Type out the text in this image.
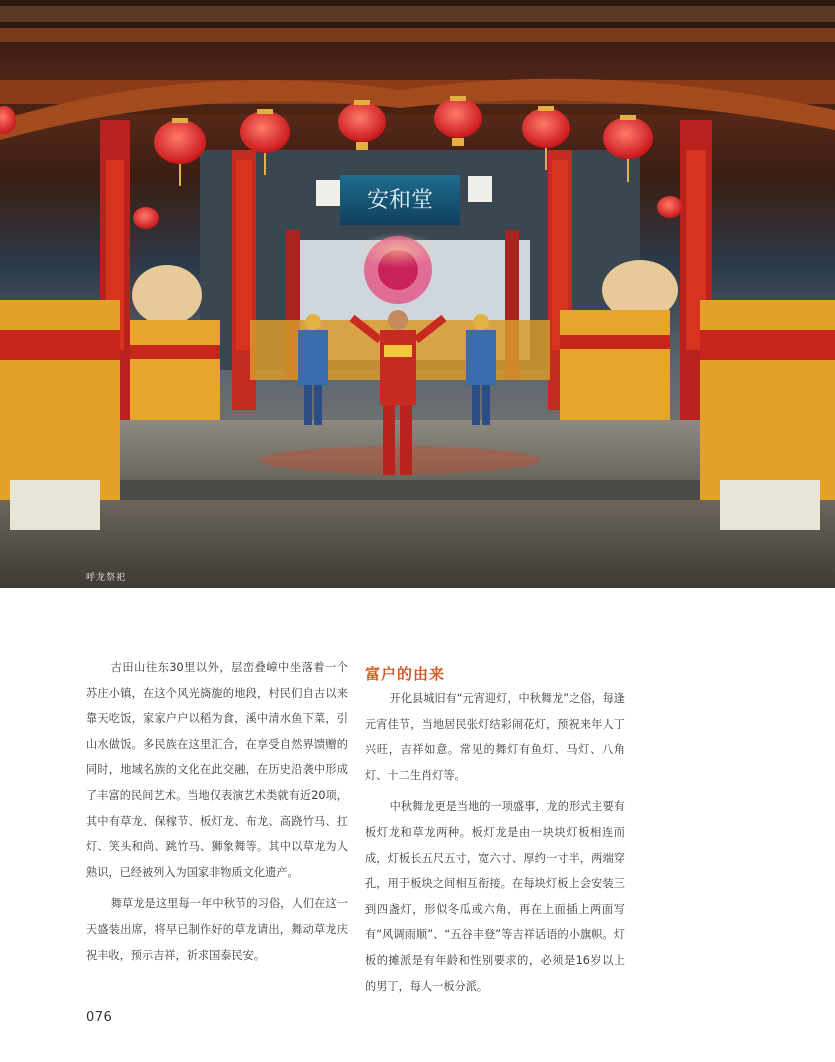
安和堂
呼龙祭祀

古田山往东30里以外，层峦叠嶂中坐落着一个苏庄小镇，在这个风光旖旎的地段，村民们自古以来靠天吃饭，家家户户以稻为食，溪中清水鱼下菜，引山水做饭。多民族在这里汇合，在享受自然界馈赠的同时，地域名族的文化在此交融，在历史沿袭中形成了丰富的民间艺术。当地仅表演艺术类就有近20项，其中有草龙、保稼节、板灯龙、布龙、高跷竹马、扛灯、笑头和尚、跳竹马、狮象舞等。其中以草龙为人熟识，已经被列入为国家非物质文化遗产。

舞草龙是这里每一年中秋节的习俗，人们在这一天盛装出席，将早已制作好的草龙请出，舞动草龙庆祝丰收，预示吉祥，祈求国泰民安。

富户的由来

开化县城旧有“元宵迎灯，中秋舞龙”之俗，每逢元宵佳节，当地居民张灯结彩闹花灯，预祝来年人丁兴旺，吉祥如意。常见的舞灯有鱼灯、马灯、八角灯、十二生肖灯等。

中秋舞龙更是当地的一项盛事，龙的形式主要有板灯龙和草龙两种。板灯龙是由一块块灯板相连而成，灯板长五尺五寸，宽六寸、厚约一寸半，两端穿孔，用于板块之间相互衔接。在每块灯板上会安装三到四盏灯，形似冬瓜或六角，再在上面插上两面写有“风调雨顺”、“五谷丰登”等吉祥话语的小旗帜。灯板的摊派是有年龄和性别要求的，必须是16岁以上的男丁，每人一板分派。

076
